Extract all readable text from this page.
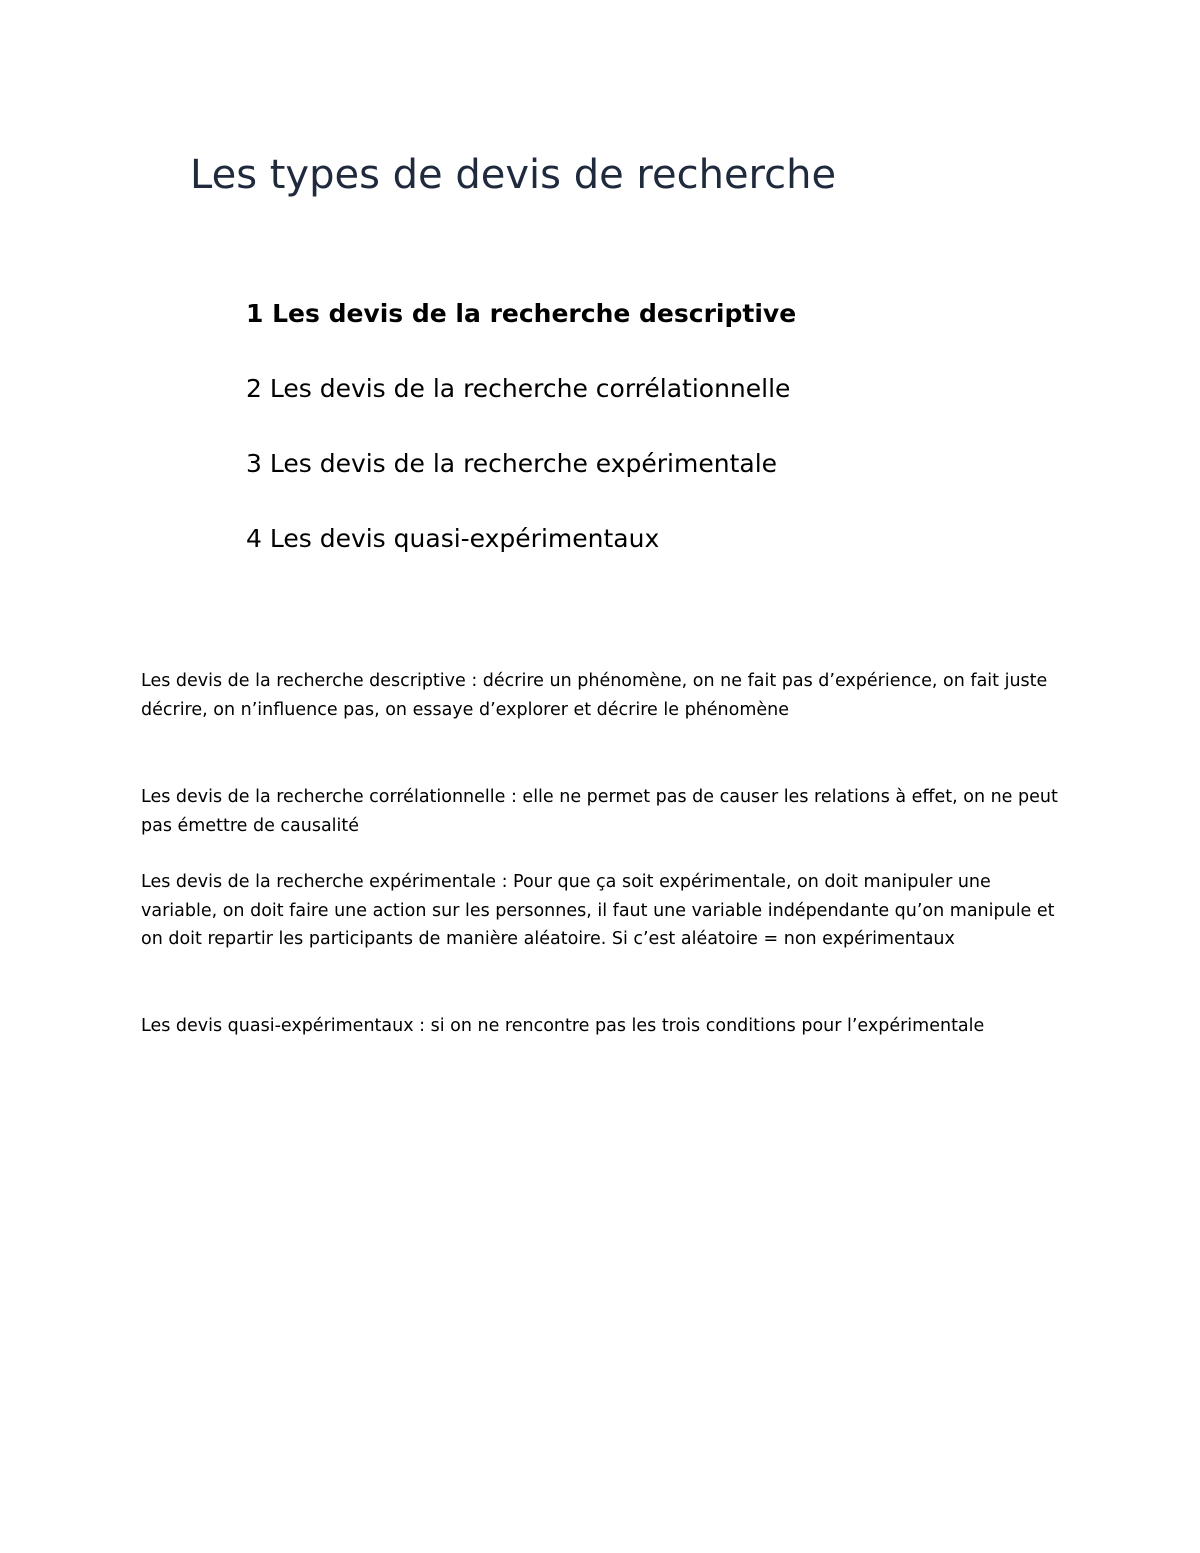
Les types de devis de recherche
1 Les devis de la recherche descriptive
2 Les devis de la recherche corrélationnelle
3 Les devis de la recherche expérimentale
4 Les devis quasi-expérimentaux

Les devis de la recherche descriptive : décrire un phénomène, on ne fait pas d’expérience, on fait juste décrire, on n’influence pas, on essaye d’explorer et décrire le phénomène

Les devis de la recherche corrélationnelle : elle ne permet pas de causer les relations à effet, on ne peut pas émettre de causalité

Les devis de la recherche expérimentale : Pour que ça soit expérimentale, on doit manipuler une variable, on doit faire une action sur les personnes, il faut une variable indépendante qu’on manipule et on doit repartir les participants de manière aléatoire. Si c’est aléatoire = non expérimentaux

Les devis quasi-expérimentaux : si on ne rencontre pas les trois conditions pour l’expérimentale
